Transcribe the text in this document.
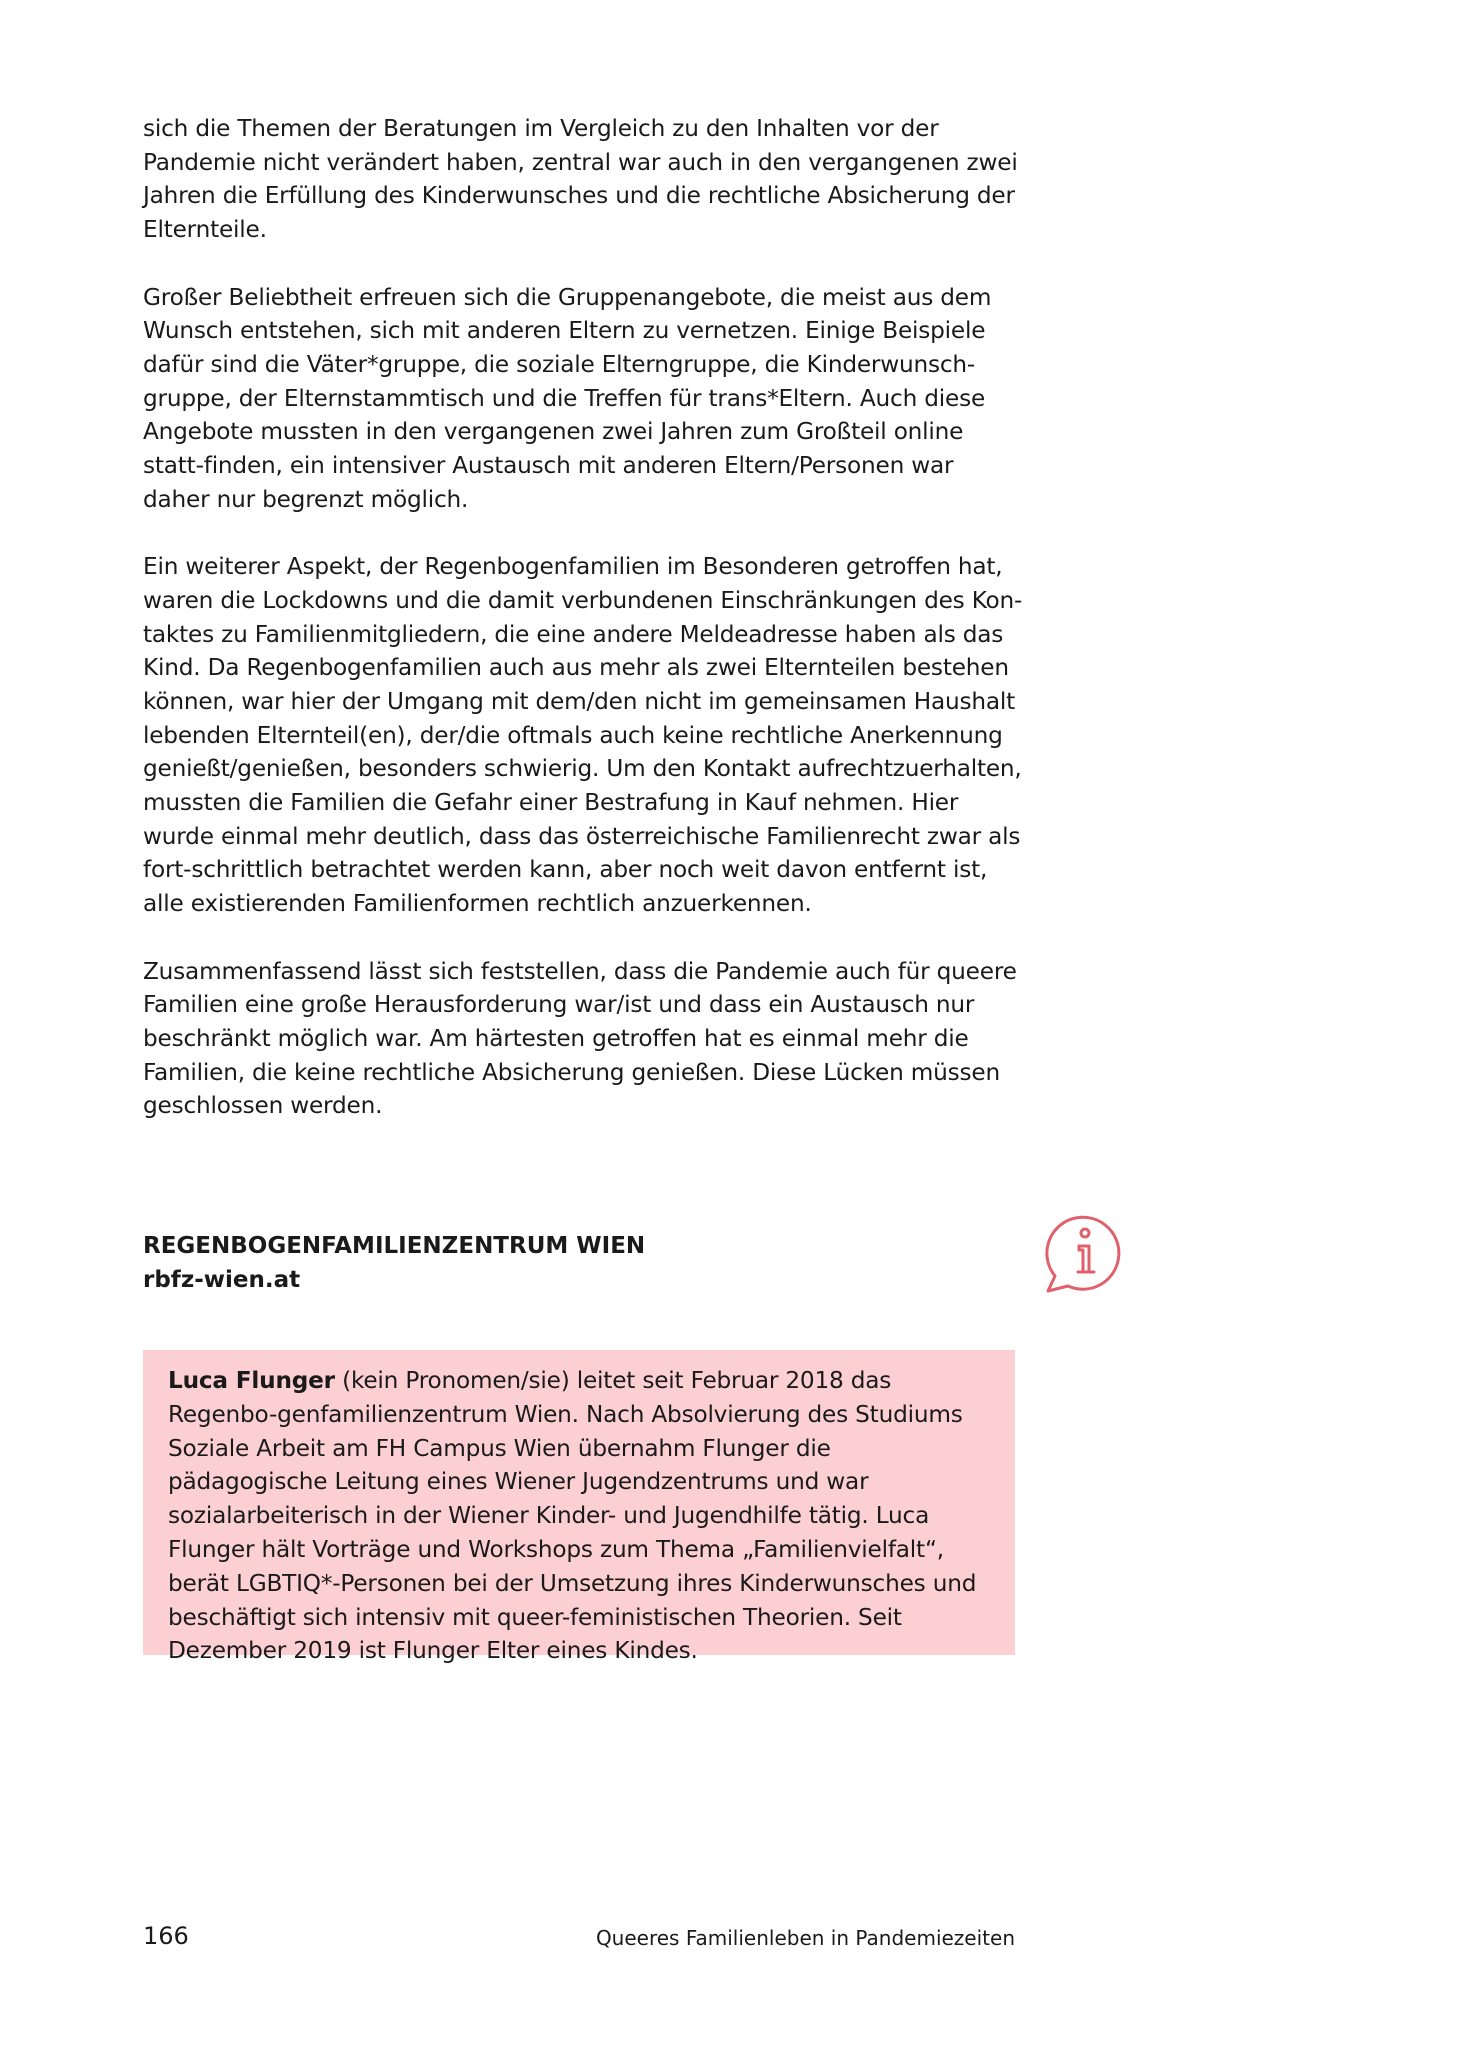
sich die Themen der Beratungen im Vergleich zu den Inhalten vor der Pandemie nicht verändert haben, zentral war auch in den vergangenen zwei Jahren die Erfüllung des Kinderwunsches und die rechtliche Absicherung der Elternteile.

Großer Beliebtheit erfreuen sich die Gruppenangebote, die meist aus dem Wunsch entstehen, sich mit anderen Eltern zu vernetzen. Einige Beispiele dafür sind die Väter*gruppe, die soziale Elterngruppe, die Kinderwunsch-gruppe, der Elternstammtisch und die Treffen für trans*Eltern. Auch diese Angebote mussten in den vergangenen zwei Jahren zum Großteil online statt-finden, ein intensiver Austausch mit anderen Eltern/Personen war daher nur begrenzt möglich.

Ein weiterer Aspekt, der Regenbogenfamilien im Besonderen getroffen hat, waren die Lockdowns und die damit verbundenen Einschränkungen des Kon-taktes zu Familienmitgliedern, die eine andere Meldeadresse haben als das Kind. Da Regenbogenfamilien auch aus mehr als zwei Elternteilen bestehen können, war hier der Umgang mit dem/den nicht im gemeinsamen Haushalt lebenden Elternteil(en), der/die oftmals auch keine rechtliche Anerkennung genießt/genießen, besonders schwierig. Um den Kontakt aufrechtzuerhalten, mussten die Familien die Gefahr einer Bestrafung in Kauf nehmen. Hier wurde einmal mehr deutlich, dass das österreichische Familienrecht zwar als fort-schrittlich betrachtet werden kann, aber noch weit davon entfernt ist, alle existierenden Familienformen rechtlich anzuerkennen.

Zusammenfassend lässt sich feststellen, dass die Pandemie auch für queere Familien eine große Herausforderung war/ist und dass ein Austausch nur beschränkt möglich war. Am härtesten getroffen hat es einmal mehr die Familien, die keine rechtliche Absicherung genießen. Diese Lücken müssen geschlossen werden.

REGENBOGENFAMILIENZENTRUM WIEN
rbfz-wien.at
Luca Flunger (kein Pronomen/sie) leitet seit Februar 2018 das Regenbo-genfamilienzentrum Wien. Nach Absolvierung des Studiums Soziale Arbeit am FH Campus Wien übernahm Flunger die pädagogische Leitung eines Wiener Jugendzentrums und war sozialarbeiterisch in der Wiener Kinder- und Jugendhilfe tätig. Luca Flunger hält Vorträge und Workshops zum Thema „Familienvielfalt“, berät LGBTIQ*-Personen bei der Umsetzung ihres Kinderwunsches und beschäftigt sich intensiv mit queer-feministischen Theorien. Seit Dezember 2019 ist Flunger Elter eines Kindes.
166	Queeres Familienleben in Pandemiezeiten
